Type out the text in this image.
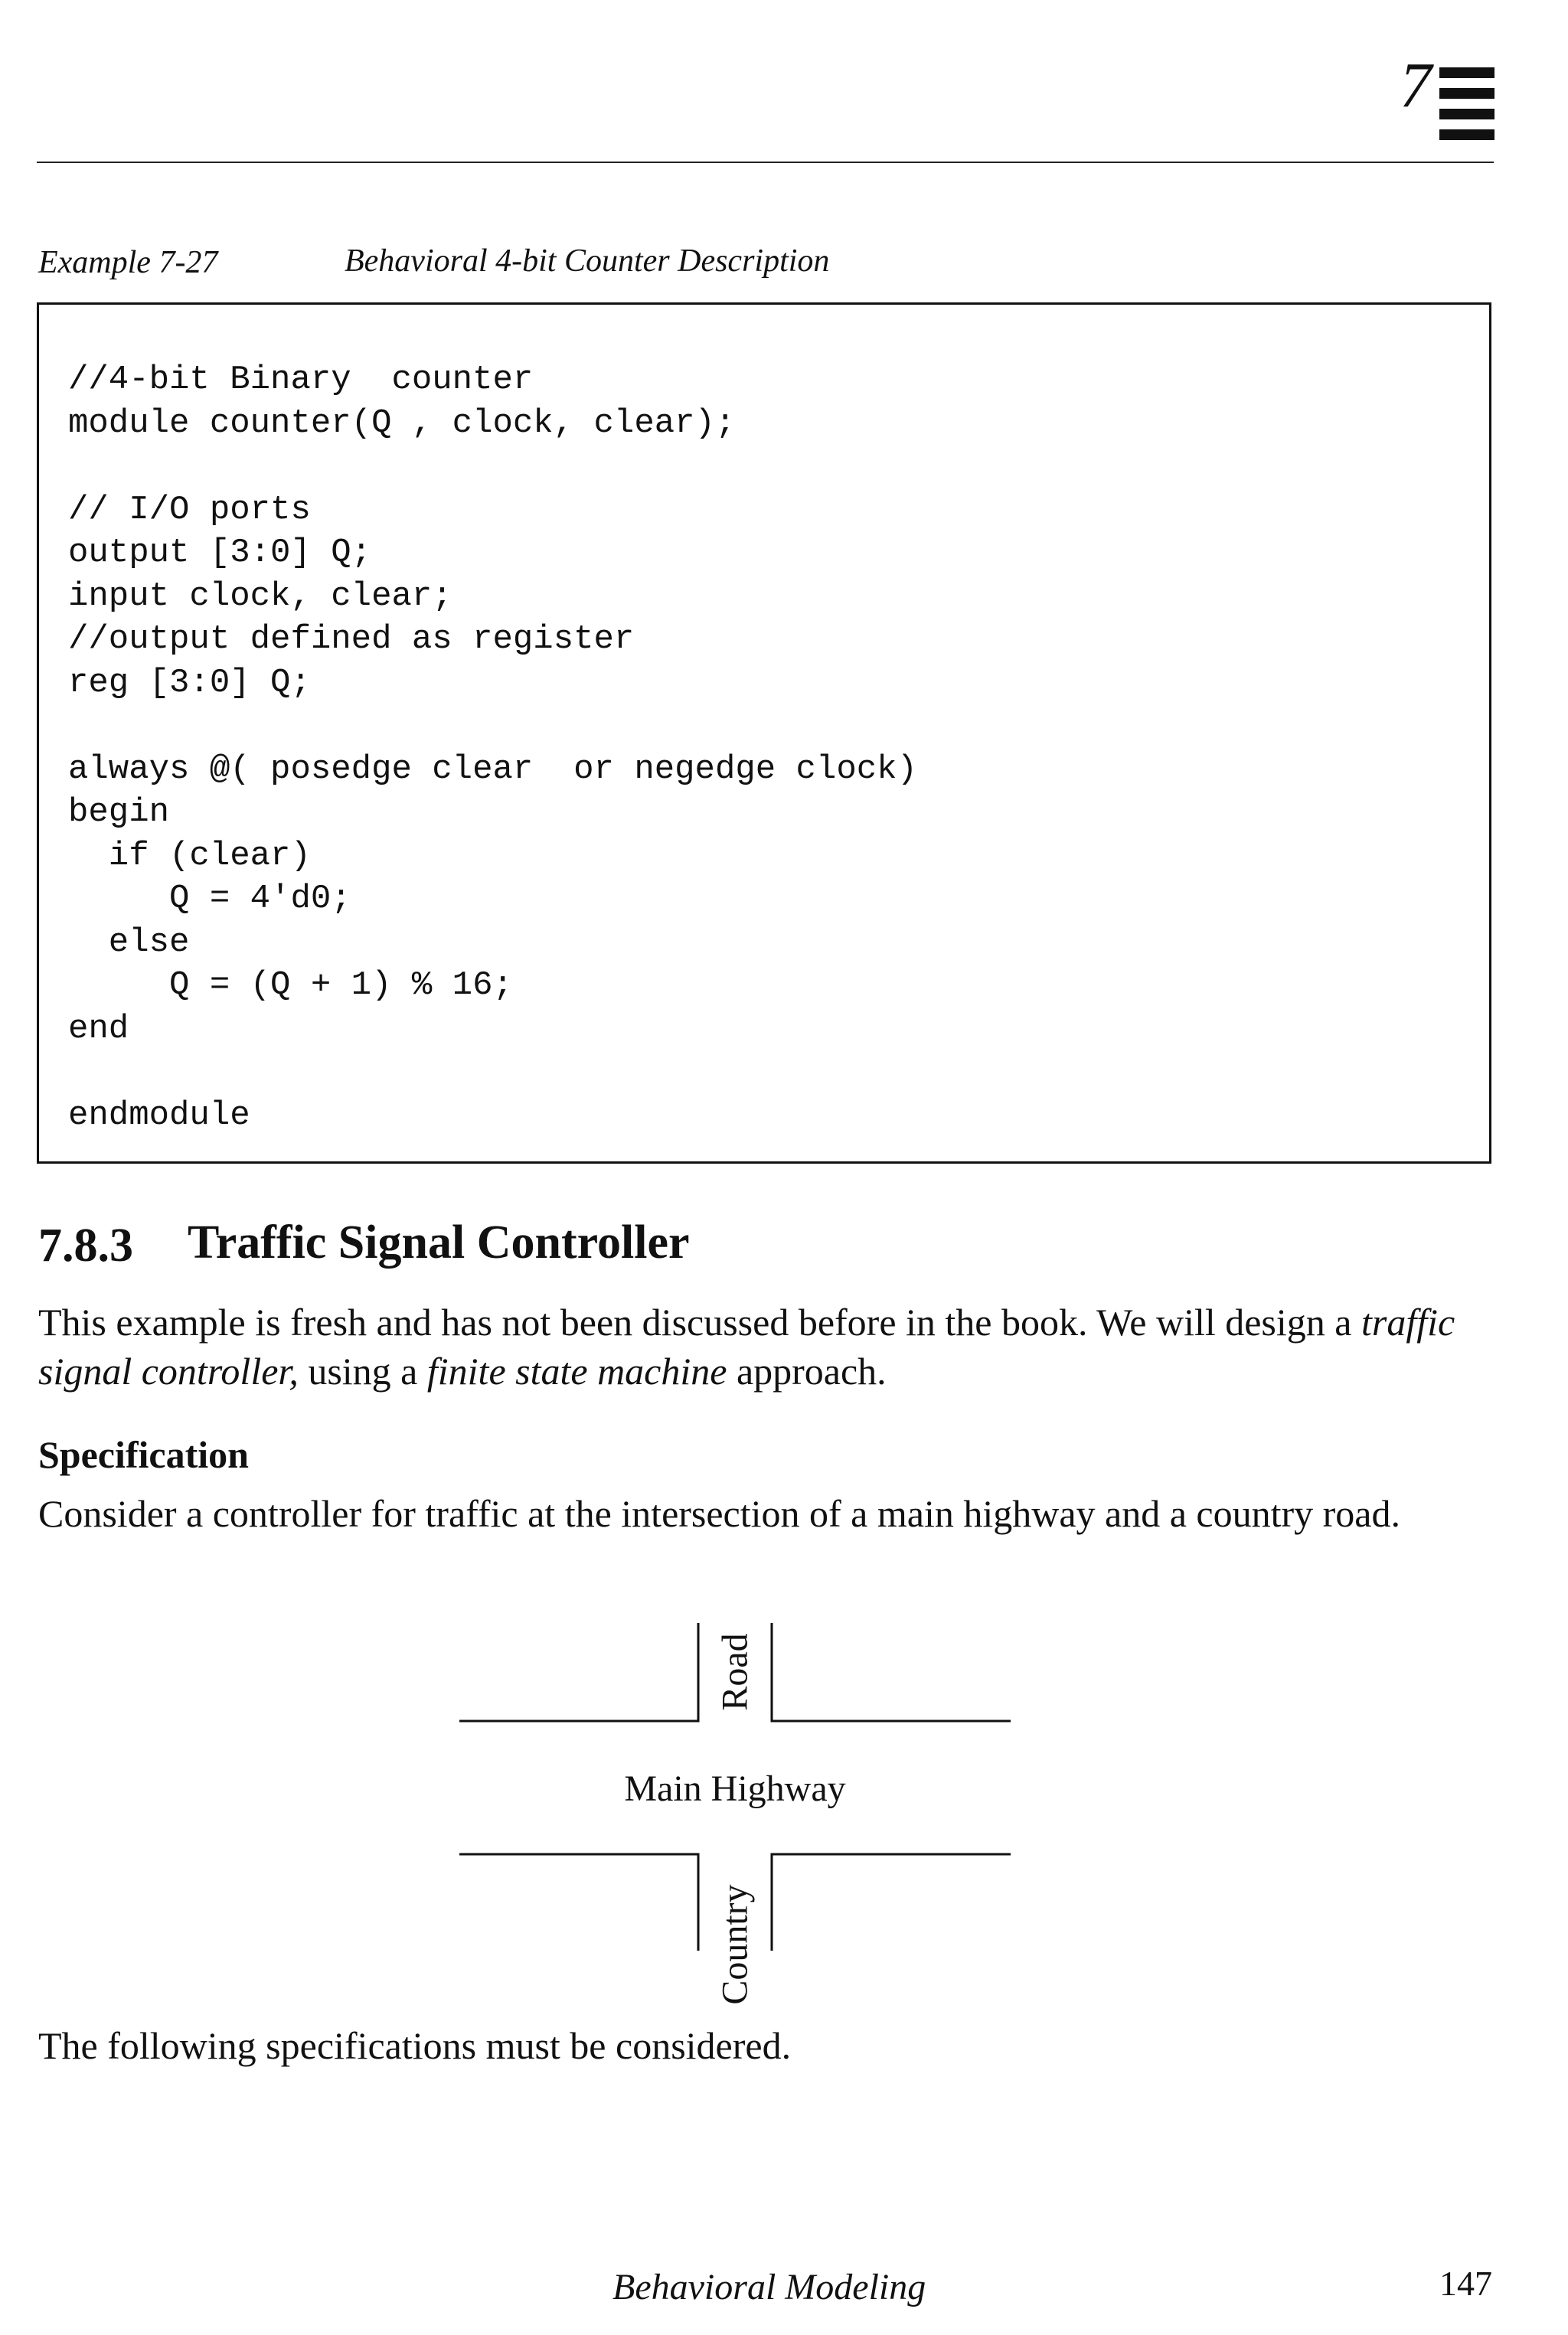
7
Example 7-27	Behavioral 4-bit Counter Description
//4-bit Binary  counter
module counter(Q , clock, clear);

// I/O ports
output [3:0] Q;
input clock, clear;
//output defined as register
reg [3:0] Q;

always @( posedge clear  or negedge clock)
begin
if (clear)
Q = 4'd0;
else
Q = (Q + 1) % 16;
end

endmodule
7.8.3 Traffic Signal Controller
This example is fresh and has not been discussed before in the book. We will design a traffic signal controller, using a finite state machine approach.
Specification
Consider a controller for traffic at the intersection of a main highway and a country road.
Road
Main Highway
Country
The following specifications must be considered.
Behavioral Modeling	147
